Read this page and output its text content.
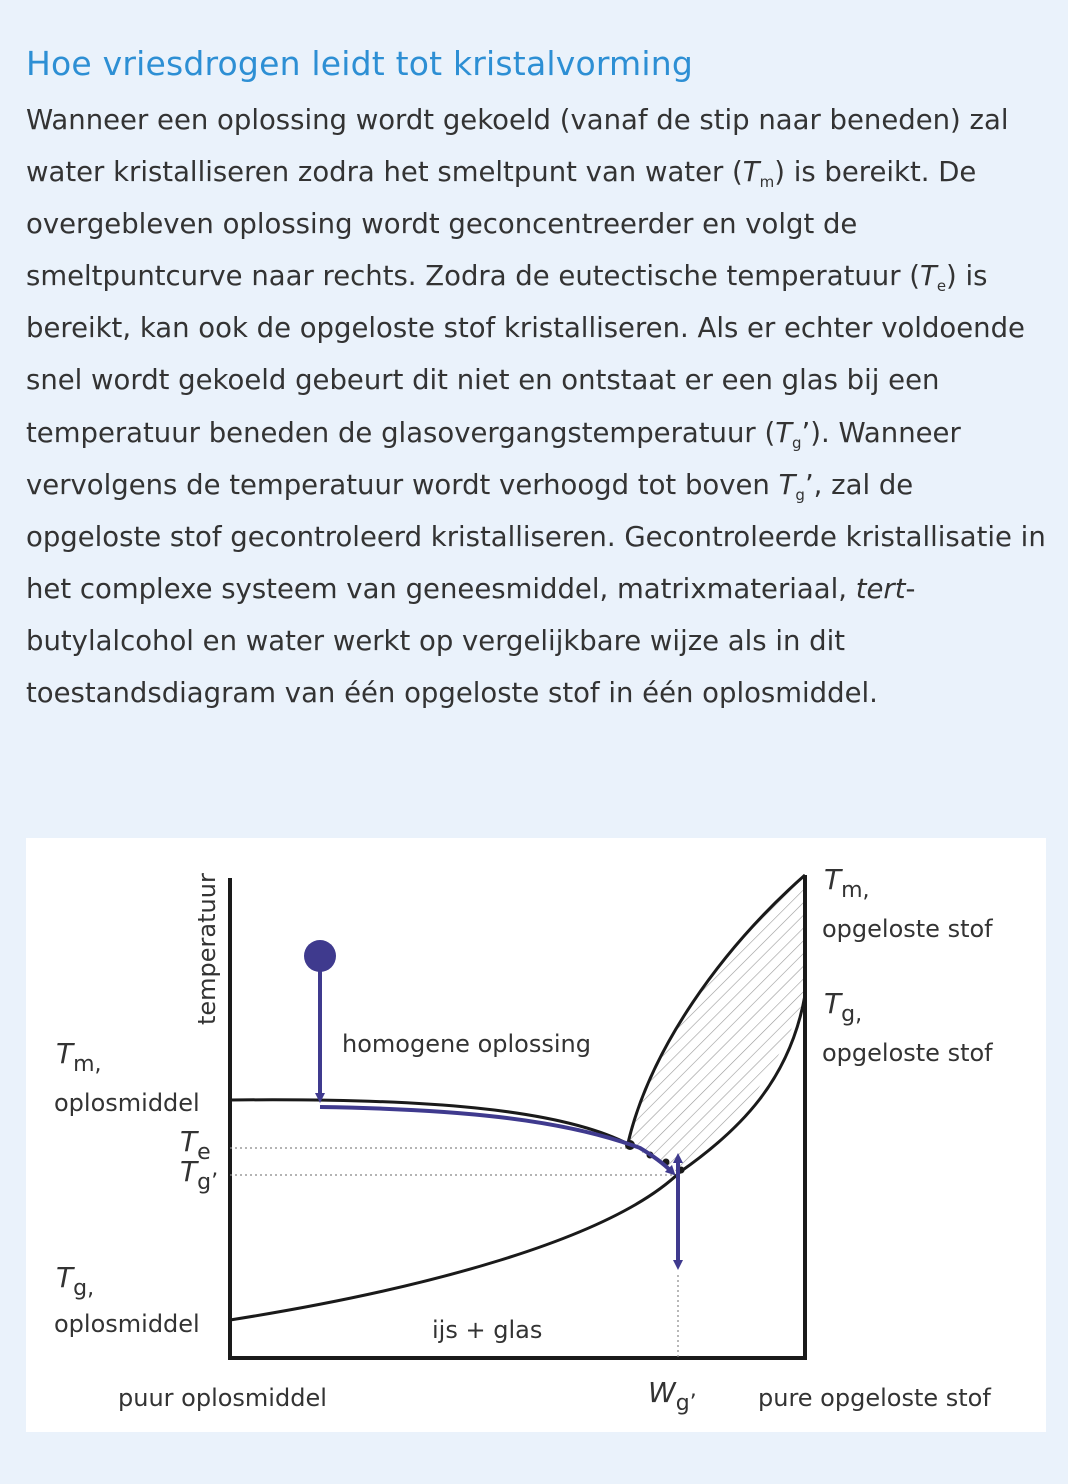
Hoe vriesdrogen leidt tot kristalvorming

Wanneer een oplossing wordt gekoeld (vanaf de stip naar beneden) zal water kristalliseren zodra het smeltpunt van water $(T_m)$ is bereikt. De overgebleven oplossing wordt geconcentreerder en volgt de smeltpuntcurve naar rechts. Zodra de eutectische temperatuur $(T_e)$ is bereikt, kan ook de opgeloste stof kristalliseren. Als er echter voldoende snel wordt gekoeld gebeurt dit niet en ontstaat er een glas bij een temperatuur beneden de glasovergangstemperatuur $(T_g’)$. Wanneer vervolgens de temperatuur wordt verhoogd tot boven $T_g$’, zal de opgeloste stof gecontroleerd kristalliseren. Gecontroleerde kristallisatie in het complexe systeem van geneesmiddel, matrixmateriaal, tert-butylalcohol en water werkt op vergelijkbare wijze als in dit toestandsdiagram van één opgeloste stof in één oplosmiddel.

temperatuur
homogene oplossing
ijs + glas
puur oplosmiddel	pure opgeloste stof
Wg’
Tm,
oplosmiddel
Te
Tg’
Tg,
oplosmiddel
Tm,
opgeloste stof
Tg,
opgeloste stof
